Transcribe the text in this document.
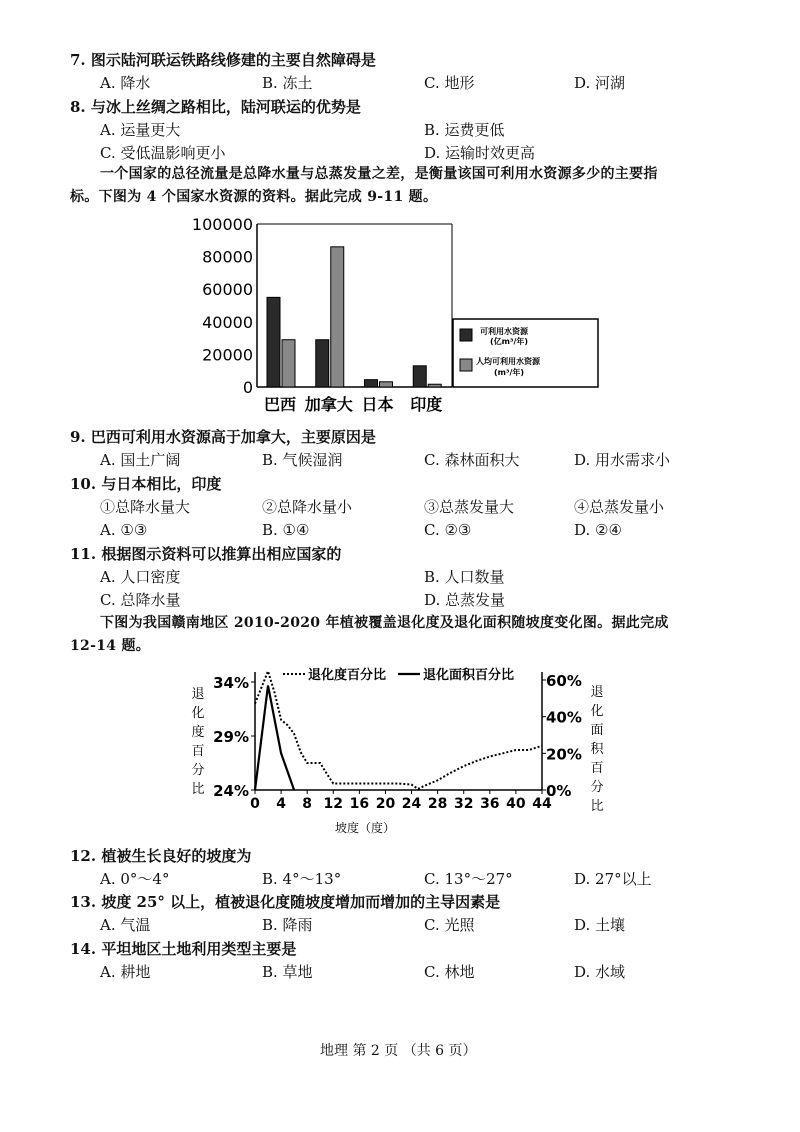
7. 图示陆河联运铁路线修建的主要自然障碍是
A. 降水	B. 冻土	C. 地形	D. 河湖
8. 与冰上丝绸之路相比，陆河联运的优势是
A. 运量更大	B. 运费更低
C. 受低温影响更小	D. 运输时效更高
一个国家的总径流量是总降水量与总蒸发量之差，是衡量该国可利用水资源多少的主要指
标。下图为 4 个国家水资源的资料。据此完成 9-11 题。
100000
80000
60000
40000
20000
0
巴西 加拿大 日本 印度
可利用水资源
(亿m³/年)
人均可利用水资源
(m³/年)
9. 巴西可利用水资源高于加拿大，主要原因是
A. 国土广阔	B. 气候湿润	C. 森林面积大	D. 用水需求小
10. 与日本相比，印度
①总降水量大	②总降水量小	③总蒸发量大	④总蒸发量小
A. ①③	B. ①④	C. ②③	D. ②④
11. 根据图示资料可以推算出相应国家的
A. 人口密度	B. 人口数量
C. 总降水量	D. 总蒸发量
下图为我国赣南地区 2010-2020 年植被覆盖退化度及退化面积随坡度变化图。据此完成
12-14 题。
退
化
度
百
分
比
退
化
面
积
百
分
比
34%
29%
24%
60%
40%
20%
0%
0 4 8 12 16 20 24 28 32 36 40 44
退化度百分比	退化面积百分比
坡度（度）
12. 植被生长良好的坡度为
A. 0°～4°	B. 4°～13°	C. 13°～27°	D. 27°以上
13. 坡度 25° 以上，植被退化度随坡度增加而增加的主导因素是
A. 气温	B. 降雨	C. 光照	D. 土壤
14. 平坦地区土地利用类型主要是
A. 耕地	B. 草地	C. 林地	D. 水域
地理 第 2 页 （共 6 页）
